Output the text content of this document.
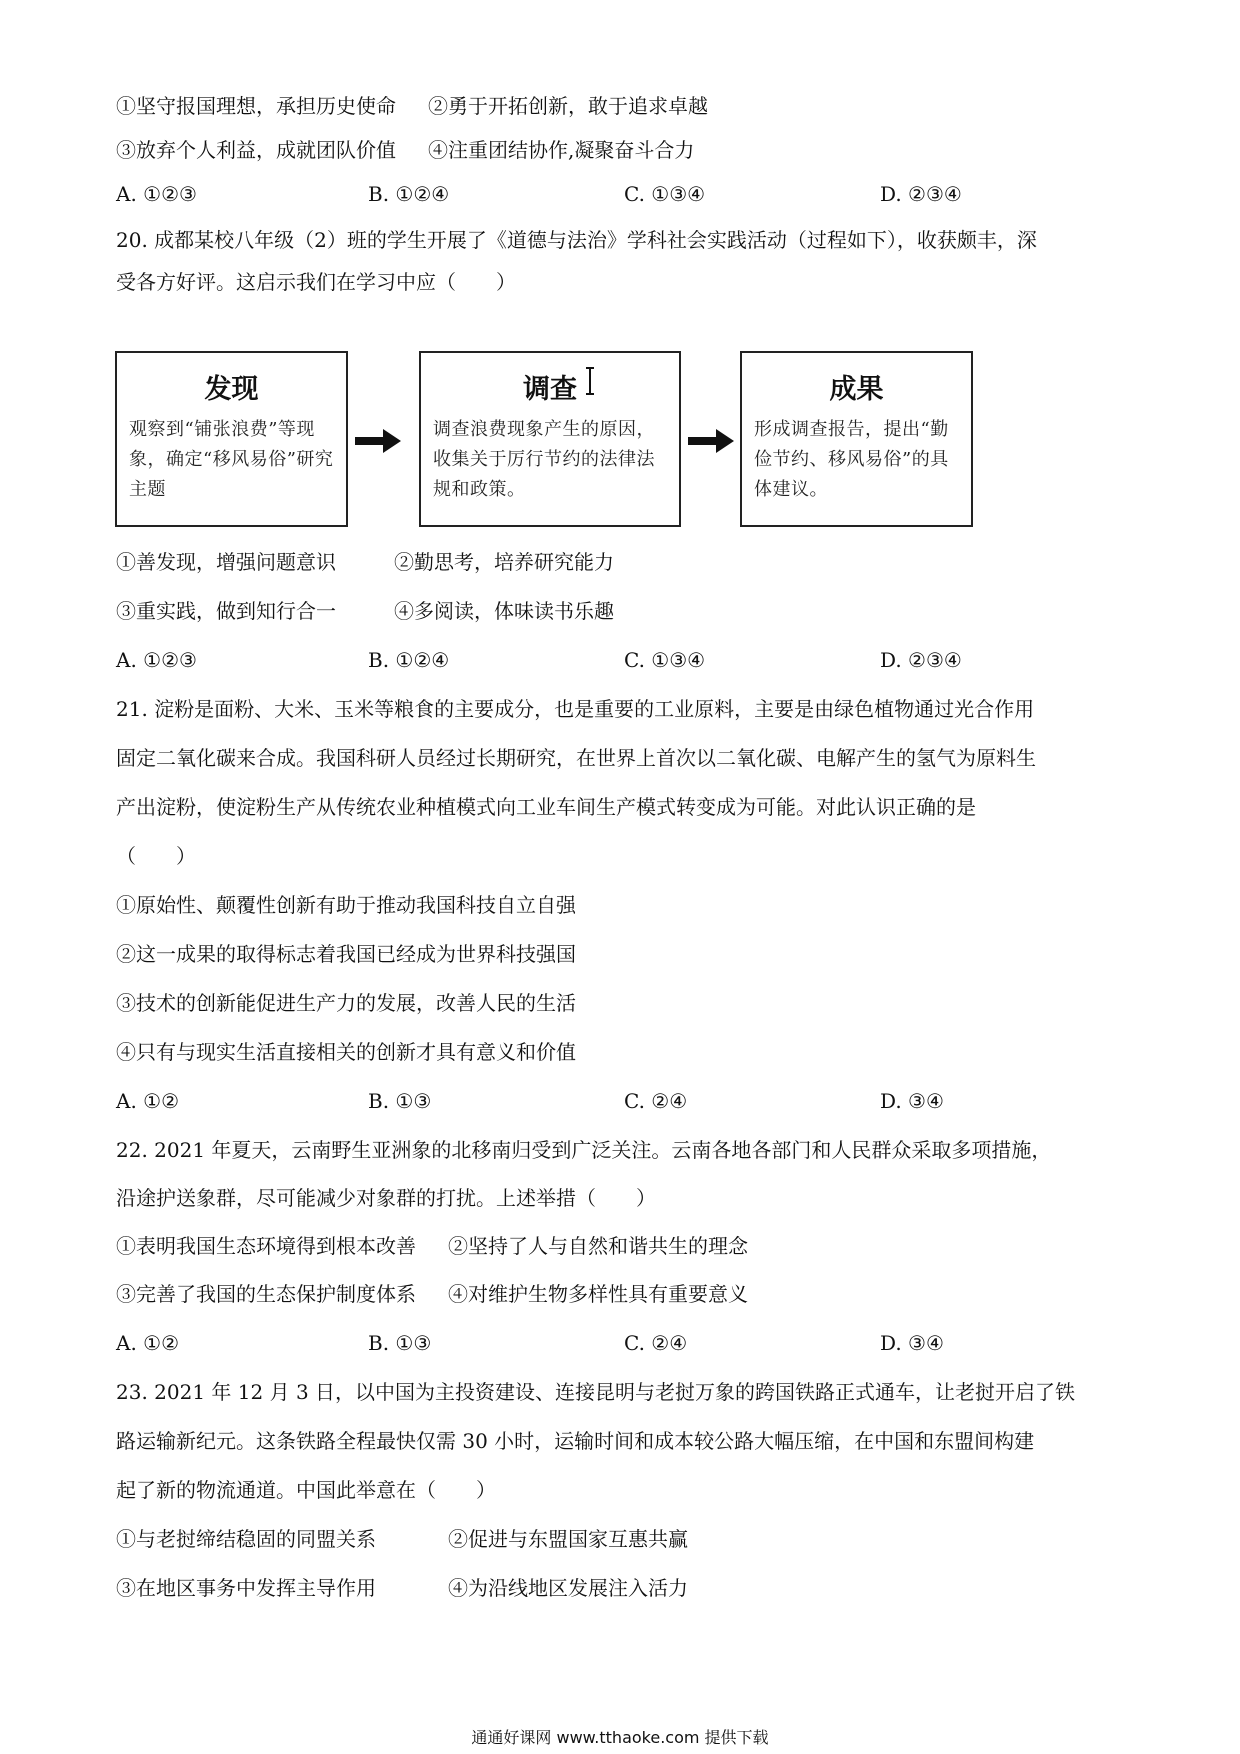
①坚守报国理想，承担历史使命 ②勇于开拓创新，敢于追求卓越
③放弃个人利益，成就团队价值 ④注重团结协作,凝聚奋斗合力
A. ①②③	B. ①②④	C. ①③④	D. ②③④
20. 成都某校八年级（2）班的学生开展了《道德与法治》学科社会实践活动（过程如下），收获颇丰，深
受各方好评。这启示我们在学习中应（　　）
发现
观察到“铺张浪费”等现象，确定“移风易俗”研究主题
调查
调查浪费现象产生的原因，收集关于厉行节约的法律法规和政策。
成果
形成调查报告，提出“勤俭节约、移风易俗”的具体建议。
①善发现，增强问题意识	②勤思考，培养研究能力
③重实践，做到知行合一	④多阅读，体味读书乐趣
A. ①②③	B. ①②④	C. ①③④	D. ②③④
21. 淀粉是面粉、大米、玉米等粮食的主要成分，也是重要的工业原料，主要是由绿色植物通过光合作用
固定二氧化碳来合成。我国科研人员经过长期研究，在世界上首次以二氧化碳、电解产生的氢气为原料生
产出淀粉，使淀粉生产从传统农业种植模式向工业车间生产模式转变成为可能。对此认识正确的是
（　　）
①原始性、颠覆性创新有助于推动我国科技自立自强
②这一成果的取得标志着我国已经成为世界科技强国
③技术的创新能促进生产力的发展，改善人民的生活
④只有与现实生活直接相关的创新才具有意义和价值
A. ①②	B. ①③	C. ②④	D. ③④
22. 2021 年夏天，云南野生亚洲象的北移南归受到广泛关注。云南各地各部门和人民群众采取多项措施，
沿途护送象群，尽可能减少对象群的打扰。上述举措（　　）
①表明我国生态环境得到根本改善 ②坚持了人与自然和谐共生的理念
③完善了我国的生态保护制度体系 ④对维护生物多样性具有重要意义
A. ①②	B. ①③	C. ②④	D. ③④
23. 2021 年 12 月 3 日，以中国为主投资建设、连接昆明与老挝万象的跨国铁路正式通车，让老挝开启了铁
路运输新纪元。这条铁路全程最快仅需 30 小时，运输时间和成本较公路大幅压缩，在中国和东盟间构建
起了新的物流通道。中国此举意在（　　）
①与老挝缔结稳固的同盟关系	②促进与东盟国家互惠共赢
③在地区事务中发挥主导作用	④为沿线地区发展注入活力
通通好课网 www.tthaoke.com 提供下载
